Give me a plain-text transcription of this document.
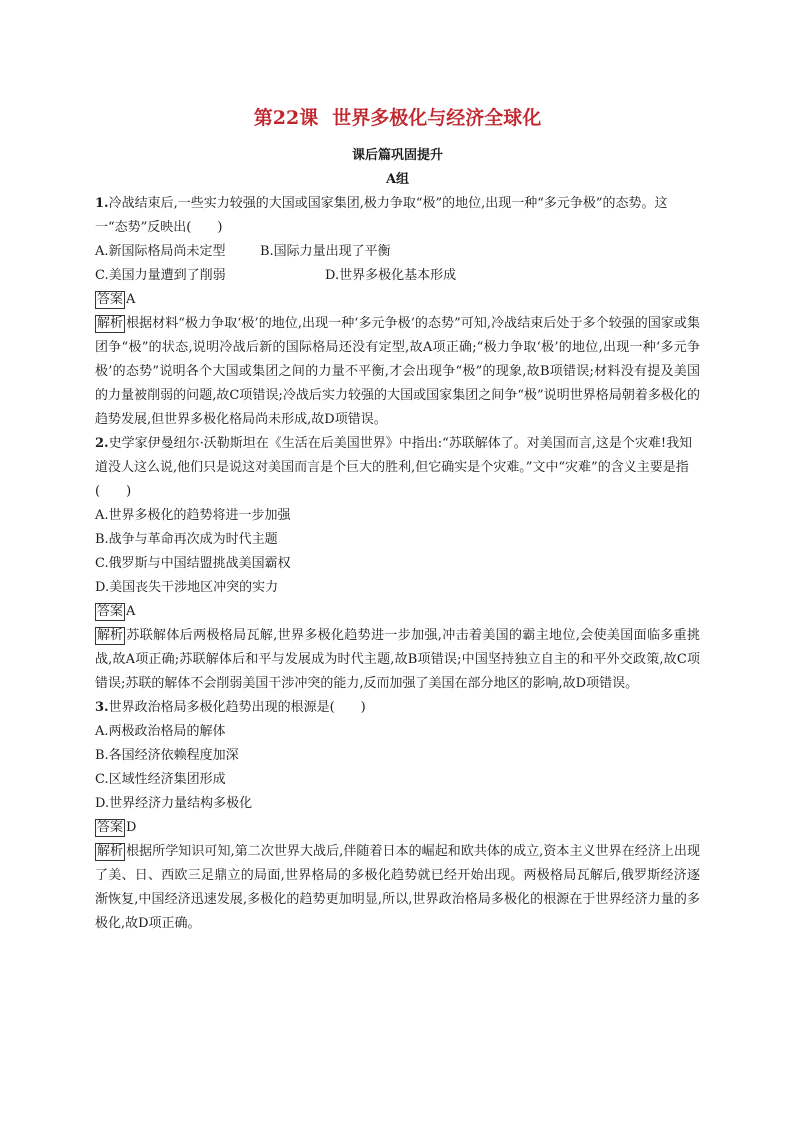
第22课 世界多极化与经济全球化
课后篇巩固提升
A组

1.冷战结束后,一些实力较强的大国或国家集团,极力争取“极”的地位,出现一种“多元争极”的态势。这一“态势”反映出(　　)

A.新国际格局尚未定型	B.国际力量出现了平衡
C.美国力量遭到了削弱	D.世界多极化基本形成

答案 A

解析 根据材料“极力争取‘极’的地位,出现一种‘多元争极’的态势”可知,冷战结束后处于多个较强的国家或集团争“极”的状态,说明冷战后新的国际格局还没有定型,故A项正确;“极力争取‘极’的地位,出现一种‘多元争极’的态势”说明各个大国或集团之间的力量不平衡,才会出现争“极”的现象,故B项错误;材料没有提及美国的力量被削弱的问题,故C项错误;冷战后实力较强的大国或国家集团之间争“极”说明世界格局朝着多极化的趋势发展,但世界多极化格局尚未形成,故D项错误。

2.史学家伊曼纽尔·沃勒斯坦在《生活在后美国世界》中指出:“苏联解体了。对美国而言,这是个灾难!我知道没人这么说,他们只是说这对美国而言是个巨大的胜利,但它确实是个灾难。”文中“灾难”的含义主要是指　　　　(　　)

A.世界多极化的趋势将进一步加强

B.战争与革命再次成为时代主题

C.俄罗斯与中国结盟挑战美国霸权

D.美国丧失干涉地区冲突的实力

答案 A

解析 苏联解体后两极格局瓦解,世界多极化趋势进一步加强,冲击着美国的霸主地位,会使美国面临多重挑战,故A项正确;苏联解体后和平与发展成为时代主题,故B项错误;中国坚持独立自主的和平外交政策,故C项错误;苏联的解体不会削弱美国干涉冲突的能力,反而加强了美国在部分地区的影响,故D项错误。

3.世界政治格局多极化趋势出现的根源是(　　)

A.两极政治格局的解体

B.各国经济依赖程度加深

C.区域性经济集团形成

D.世界经济力量结构多极化

答案 D

解析 根据所学知识可知,第二次世界大战后,伴随着日本的崛起和欧共体的成立,资本主义世界在经济上出现了美、日、西欧三足鼎立的局面,世界格局的多极化趋势就已经开始出现。两极格局瓦解后,俄罗斯经济逐渐恢复,中国经济迅速发展,多极化的趋势更加明显,所以,世界政治格局多极化的根源在于世界经济力量的多极化,故D项正确。
